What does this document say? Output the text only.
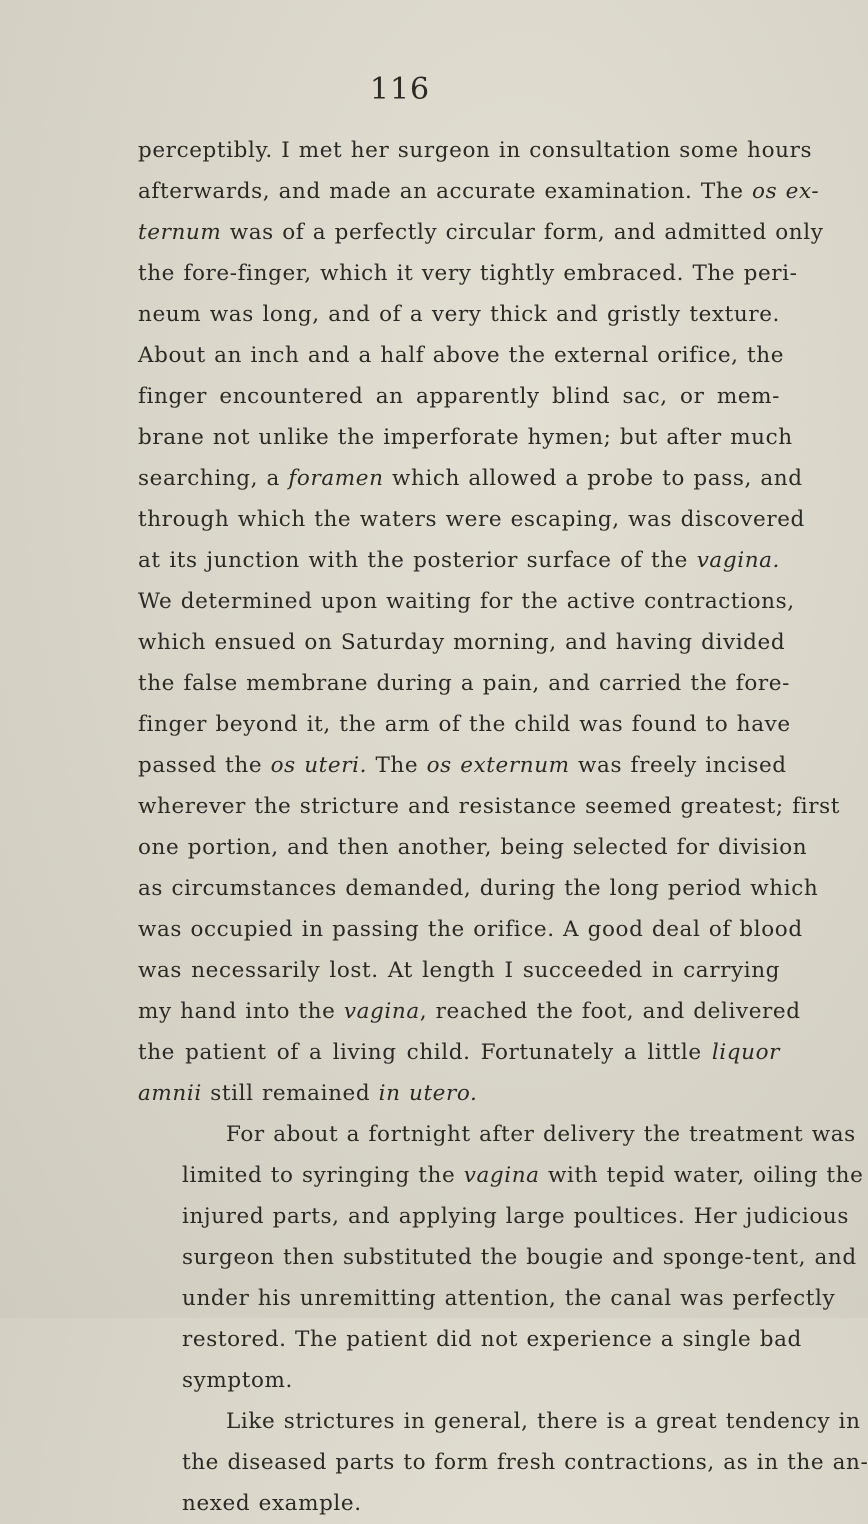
116

perceptibly. I met her surgeon in consultation some hours
afterwards, and made an accurate examination. The os ex-
ternum was of a perfectly circular form, and admitted only
the fore-finger, which it very tightly embraced. The peri-
neum was long, and of a very thick and gristly texture.
About an inch and a half above the external orifice, the
finger encountered an apparently blind sac, or mem-
brane not unlike the imperforate hymen; but after much
searching, a foramen which allowed a probe to pass, and
through which the waters were escaping, was discovered
at its junction with the posterior surface of the vagina.
We determined upon waiting for the active contractions,
which ensued on Saturday morning, and having divided
the false membrane during a pain, and carried the fore-
finger beyond it, the arm of the child was found to have
passed the os uteri. The os externum was freely incised
wherever the stricture and resistance seemed greatest; first
one portion, and then another, being selected for division
as circumstances demanded, during the long period which
was occupied in passing the orifice. A good deal of blood
was necessarily lost. At length I succeeded in carrying
my hand into the vagina, reached the foot, and delivered
the patient of a living child. Fortunately a little liquor
amnii still remained in utero.

For about a fortnight after delivery the treatment was
limited to syringing the vagina with tepid water, oiling the
injured parts, and applying large poultices. Her judicious
surgeon then substituted the bougie and sponge-tent, and
under his unremitting attention, the canal was perfectly
restored. The patient did not experience a single bad
symptom.

Like strictures in general, there is a great tendency in
the diseased parts to form fresh contractions, as in the an-
nexed example.
